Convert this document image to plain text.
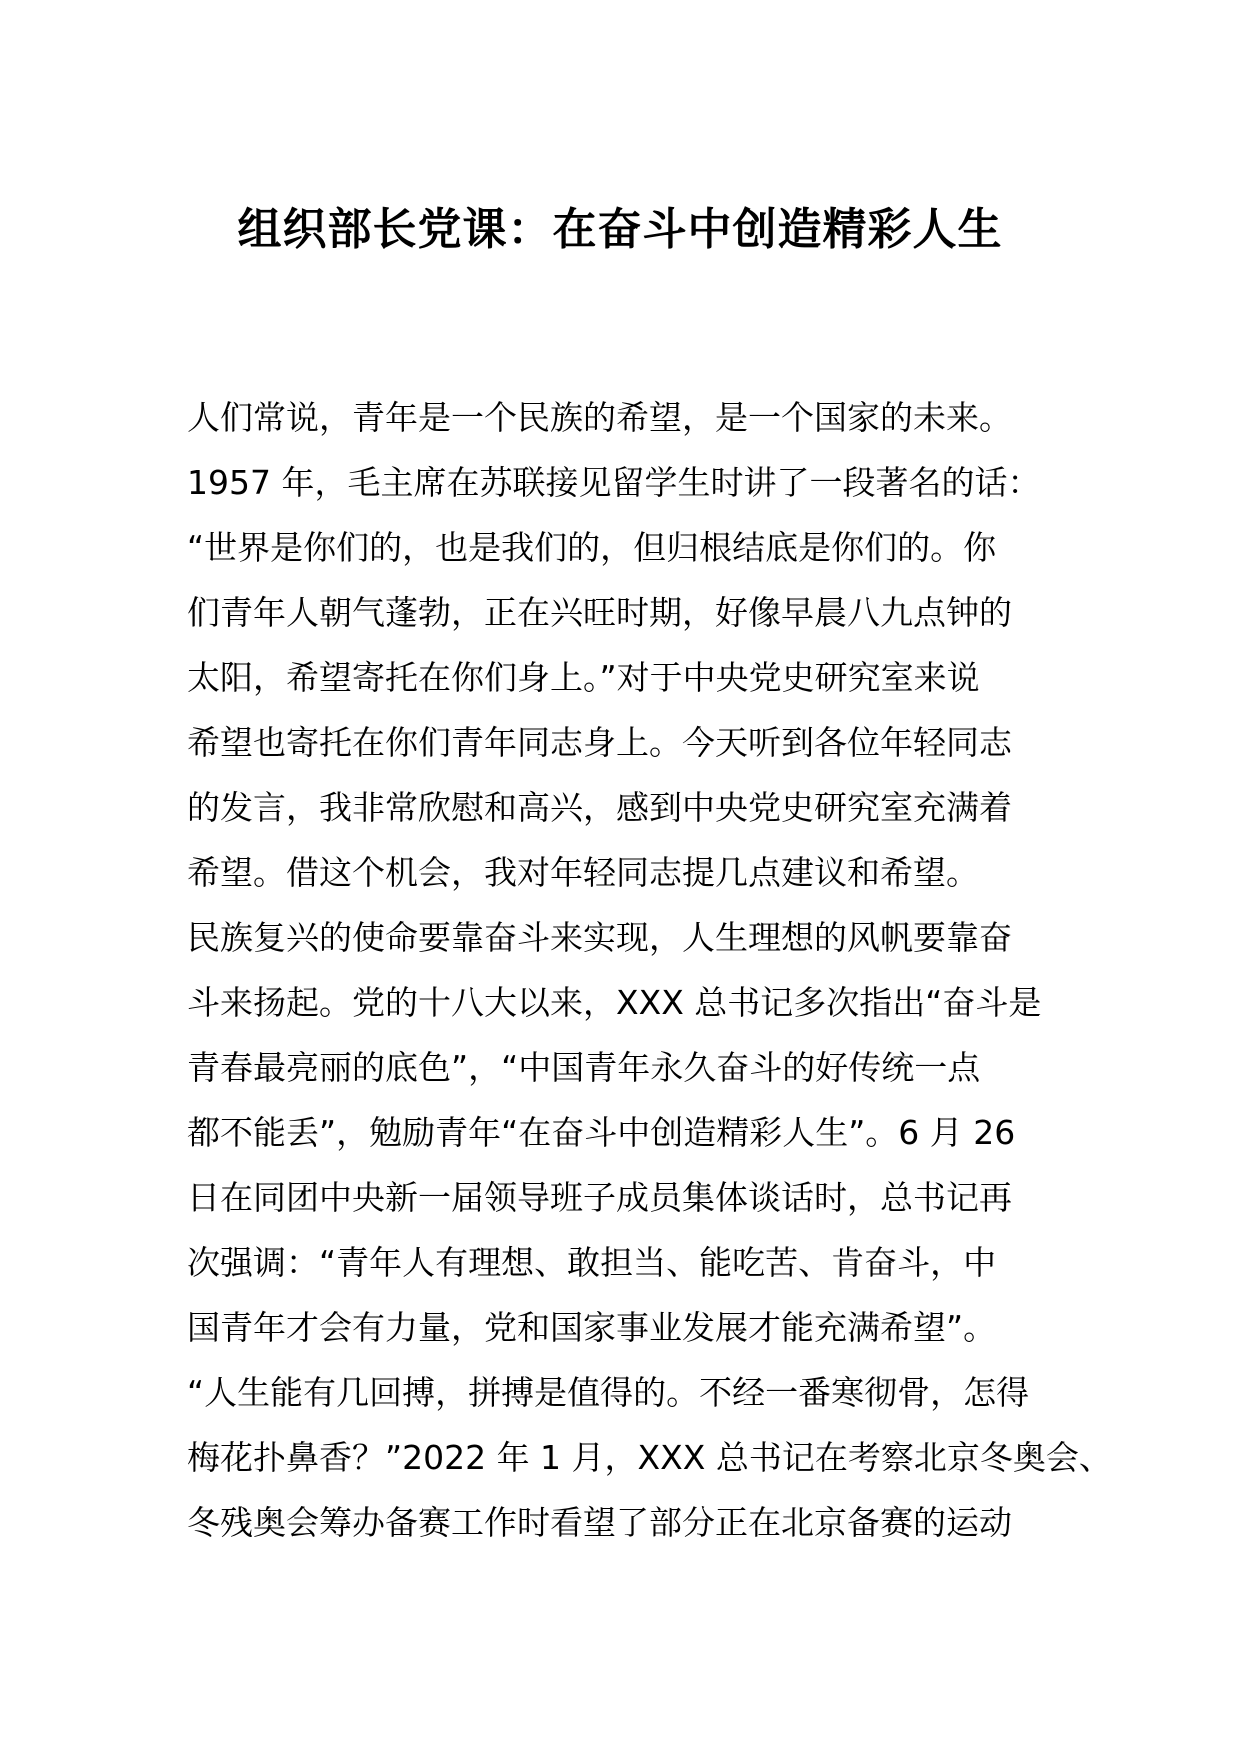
组织部长党课：在奋斗中创造精彩人生
人们常说，青年是一个民族的希望，是一个国家的未来。
1957 年，毛主席在苏联接见留学生时讲了一段著名的话：
“世界是你们的，也是我们的，但归根结底是你们的。你
们青年人朝气蓬勃，正在兴旺时期，好像早晨八九点钟的
太阳，希望寄托在你们身上。”对于中央党史研究室来说
希望也寄托在你们青年同志身上。今天听到各位年轻同志
的发言，我非常欣慰和高兴，感到中央党史研究室充满着
希望。借这个机会，我对年轻同志提几点建议和希望。
民族复兴的使命要靠奋斗来实现，人生理想的风帆要靠奋
斗来扬起。党的十八大以来，XXX 总书记多次指出“奋斗是
青春最亮丽的底色”，“中国青年永久奋斗的好传统一点
都不能丢”，勉励青年“在奋斗中创造精彩人生”。6 月 26
日在同团中央新一届领导班子成员集体谈话时，总书记再
次强调：“青年人有理想、敢担当、能吃苦、肯奋斗，中
国青年才会有力量，党和国家事业发展才能充满希望”。
“人生能有几回搏，拼搏是值得的。不经一番寒彻骨，怎得
梅花扑鼻香？”2022 年 1 月，XXX 总书记在考察北京冬奥会、
冬残奥会筹办备赛工作时看望了部分正在北京备赛的运动
